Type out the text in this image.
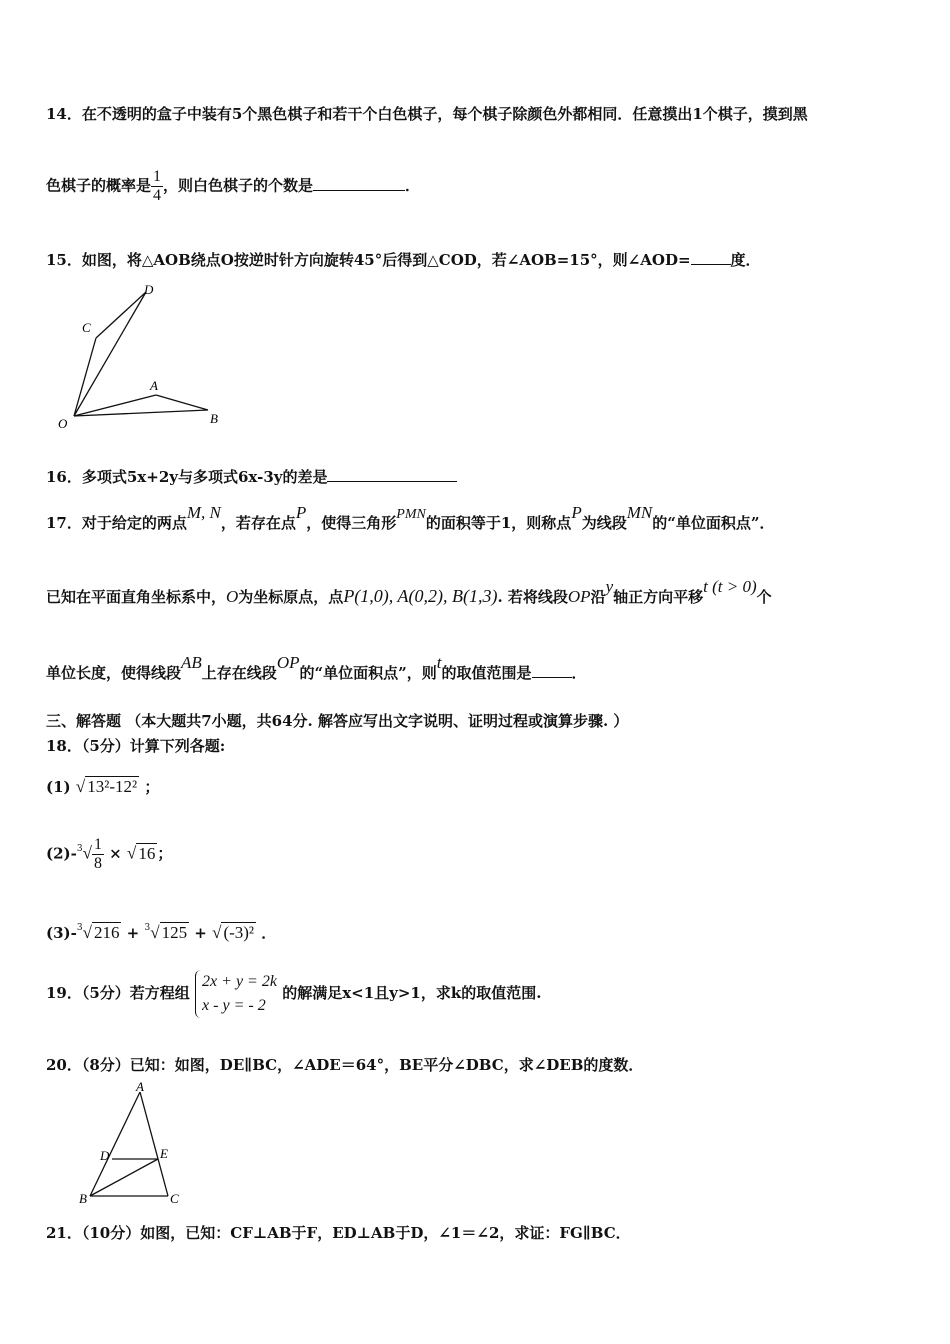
14．在不透明的盒子中装有5个黑色棋子和若干个白色棋子，每个棋子除颜色外都相同．任意摸出1个棋子，摸到黑
色棋子的概率是 $\frac{1}{4}$ ，则白色棋子的个数是	．
15．如图，将△AOB绕点O按逆时针方向旋转45°后得到△COD，若∠AOB=15°，则∠AOD=	度．
D
C
A
O	B
16．多项式5x+2y与多项式6x-3y的差是
17．对于给定的两点M, N，若存在点P，使得三角形PMN的面积等于1，则称点P为线段MN的“单位面积点”．
已知在平面直角坐标系中，O为坐标原点，点P(1,0), A(0,2), B(1,3). 若将线段OP沿y轴正方向平移t (t > 0)个
单位长度，使得线段AB上存在线段OP的“单位面积点”，则t的取值范围是	．
三、解答题 （本大题共7小题，共64分. 解答应写出文字说明、证明过程或演算步骤. ）
18．（5分）计算下列各题:
(1) √ 13²-12² ；
$(2)-^3√ \frac{1}{8}$ × √ 16 ；
(3)-$^3$√ 216 + $^3$√ 125 + √ (-3)² ．
19．（5分）若方程组
2x + y = 2k
x - y = - 2
的解满足x<1且y>1，求k的取值范围.
20．（8分）已知：如图，DE∥BC，∠ADE＝64°，BE平分∠DBC，求∠DEB的度数．
A
D	E
B	C
21．（10分）如图，已知：CF⊥AB于F，ED⊥AB于D，∠1＝∠2，求证：FG∥BC．
